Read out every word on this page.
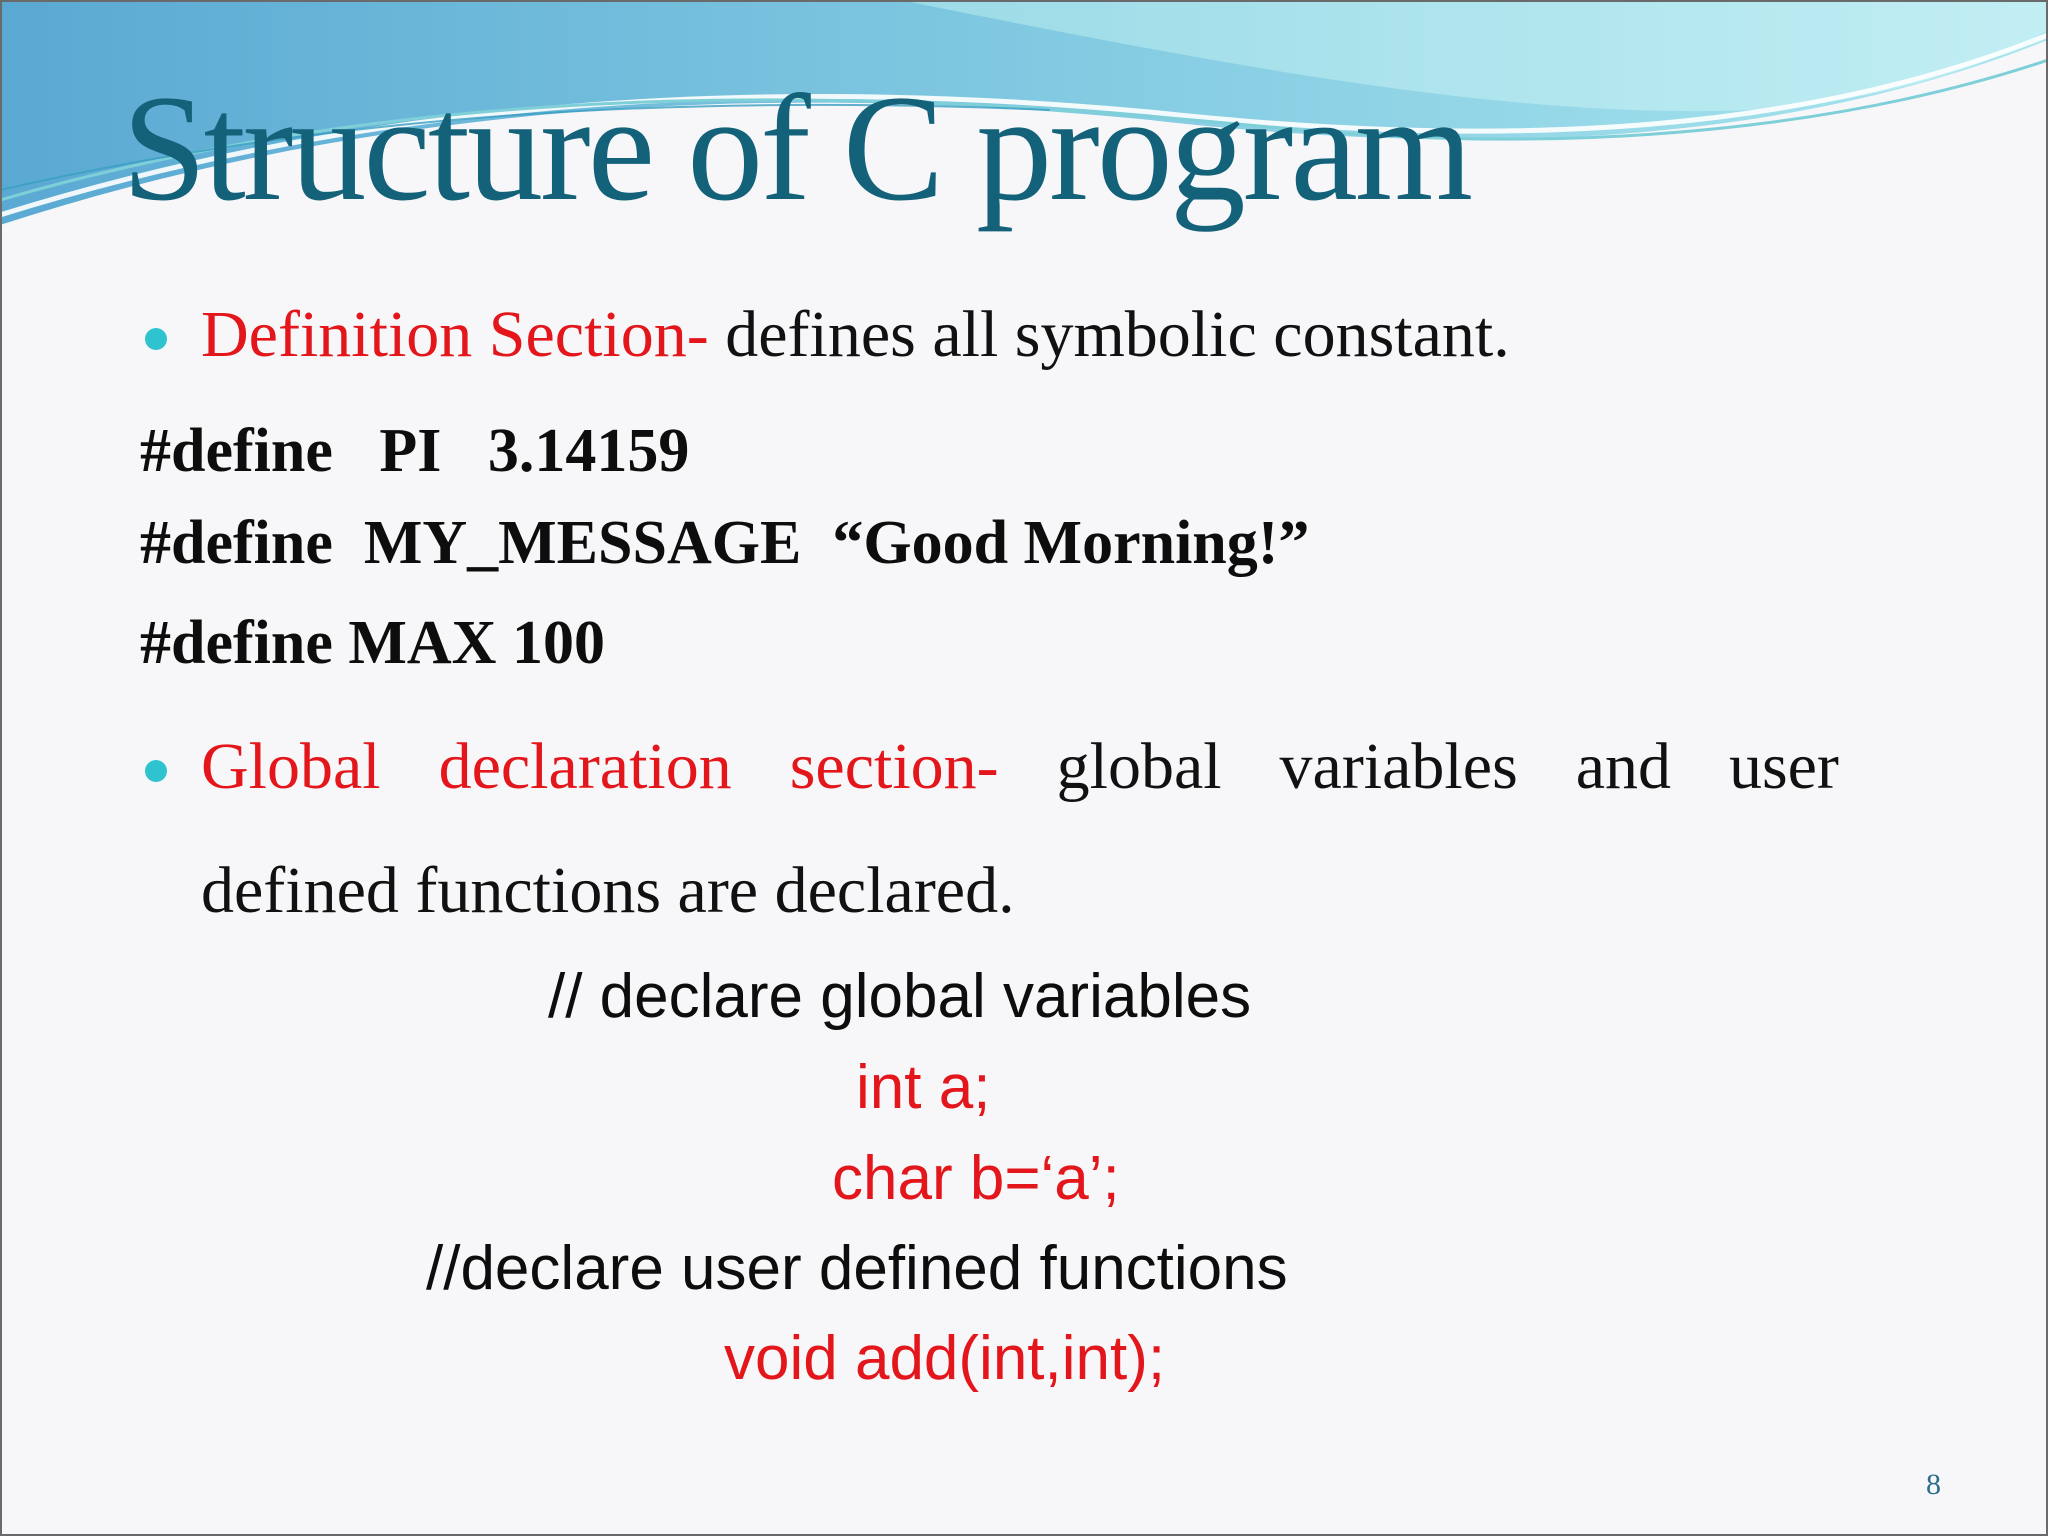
Structure of C program
Definition Section- defines all symbolic constant.
#define   PI   3.14159
#define  MY_MESSAGE  “Good Morning!”
#define MAX 100
Global declaration section- global variables and user
defined functions are declared.
// declare global variables
int a;
char b=‘a’;
//declare user defined functions
void add(int,int);
8
